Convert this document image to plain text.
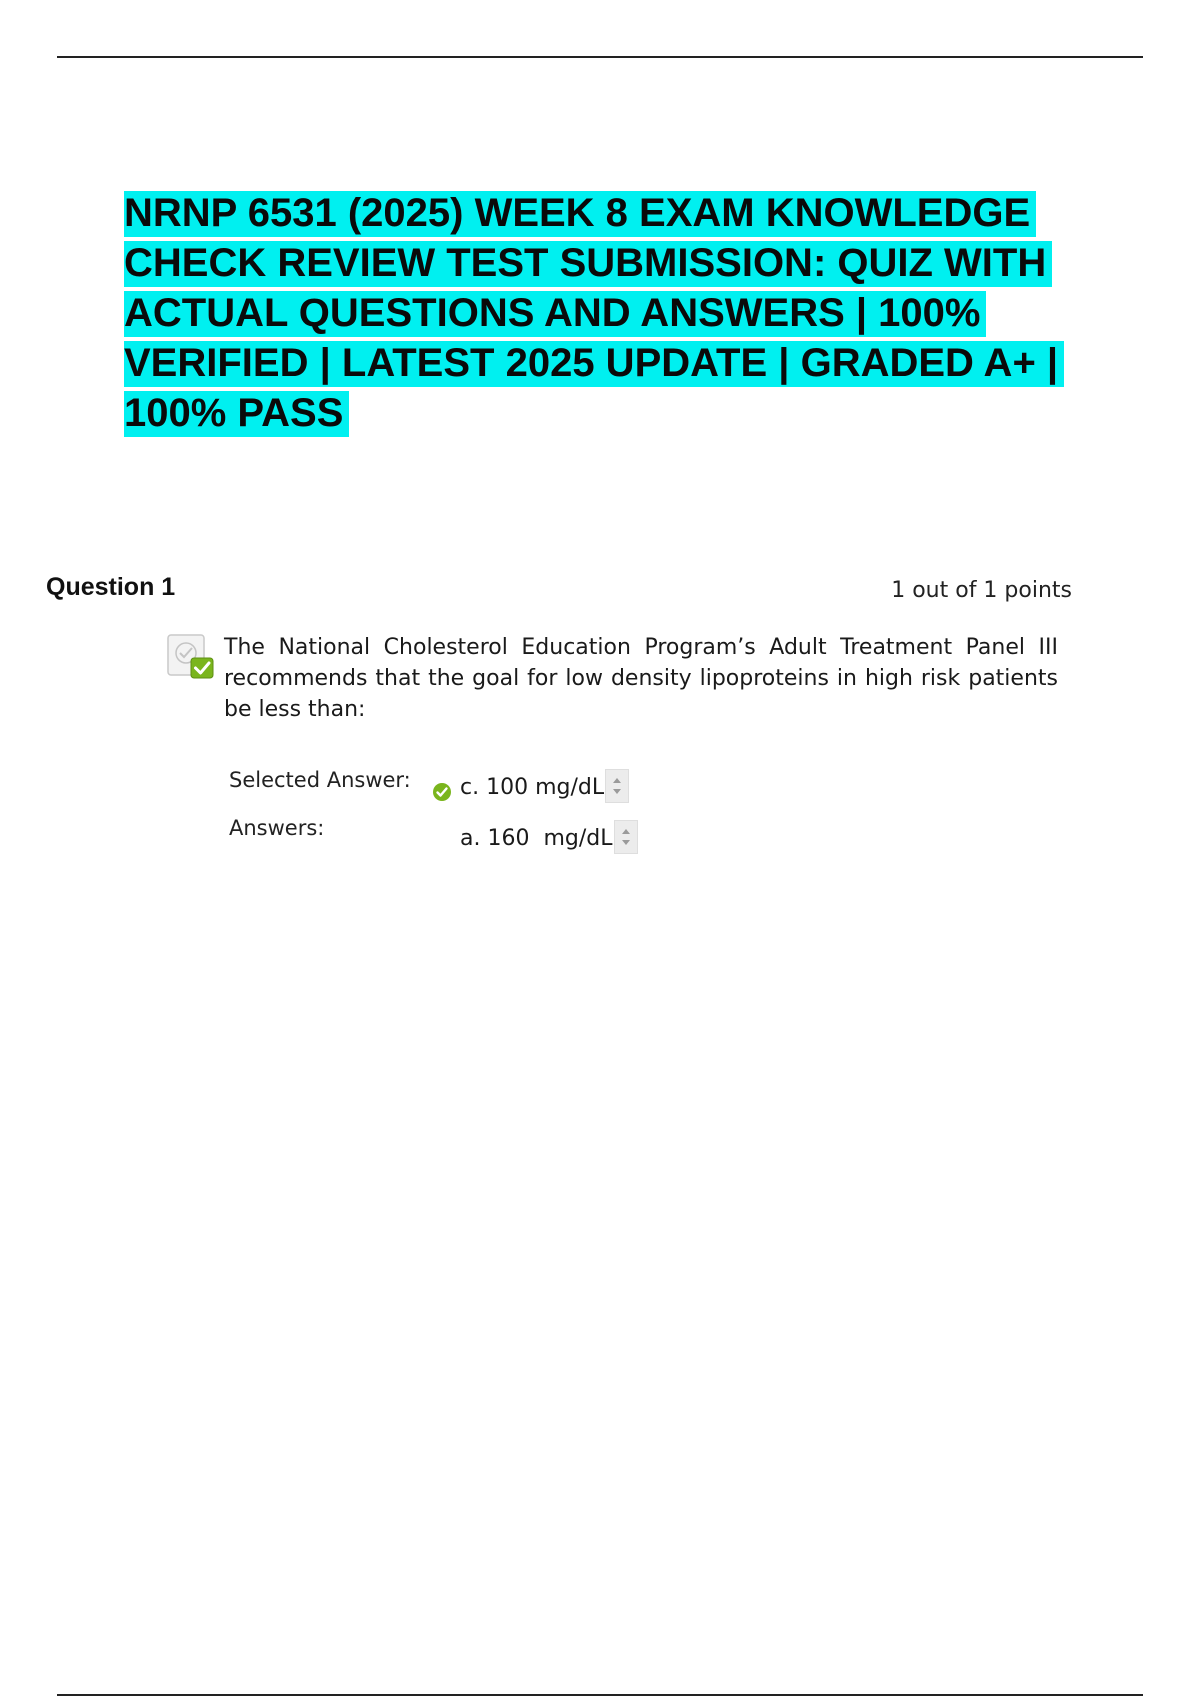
NRNP 6531 (2025) WEEK 8 EXAM KNOWLEDGE CHECK REVIEW TEST SUBMISSION: QUIZ WITH ACTUAL QUESTIONS AND ANSWERS | 100% VERIFIED | LATEST 2025 UPDATE | GRADED A+ | 100% PASS
Question 1	1 out of 1 points

The National Cholesterol Education Program’s Adult Treatment Panel III recommends that the goal for low density lipoproteins in high risk patients be less than:

Selected Answer: c. 100 mg/dL
Answers:	a. 160  mg/dL
